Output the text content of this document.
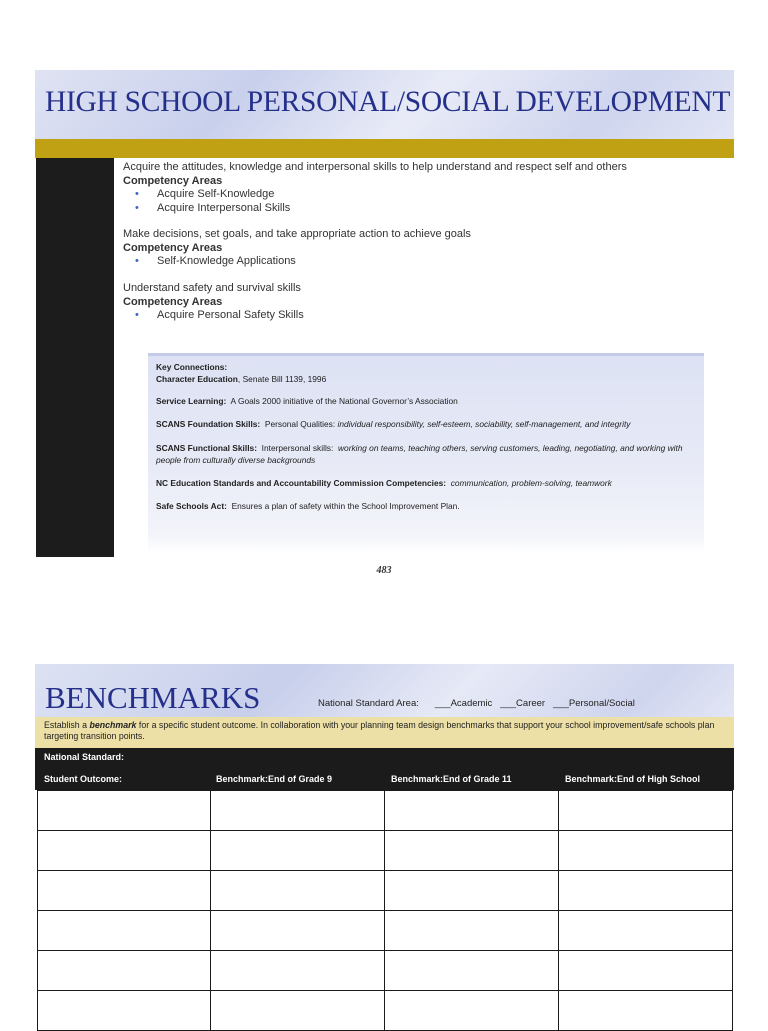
HIGH SCHOOL PERSONAL/SOCIAL DEVELOPMENT
Acquire the attitudes, knowledge and interpersonal skills to help understand and respect self and others
Competency Areas
• Acquire Self-Knowledge
• Acquire Interpersonal Skills
Make decisions, set goals, and take appropriate action to achieve goals
Competency Areas
• Self-Knowledge Applications
Understand safety and survival skills
Competency Areas
• Acquire Personal Safety Skills
Key Connections:
Character Education, Senate Bill 1139, 1996
Service Learning: A Goals 2000 initiative of the National Governor’s Association
SCANS Foundation Skills: Personal Qualities: individual responsibility, self-esteem, sociability, self-management, and integrity
SCANS Functional Skills: Interpersonal skills: working on teams, teaching others, serving customers, leading, negotiating, and working with people from culturally diverse backgrounds
NC Education Standards and Accountability Commission Competencies: communication, problem-solving, teamwork
Safe Schools Act: Ensures a plan of safety within the School Improvement Plan.
483
BENCHMARKS	National Standard Area: ___Academic   ___Career   ___Personal/Social
Establish a benchmark for a specific student outcome. In collaboration with your planning team design benchmarks that support your school improvement/safe schools plan targeting transition points.
National Standard:
Student Outcome:	Benchmark:End of Grade 9	Benchmark:End of Grade 11	Benchmark:End of High School
